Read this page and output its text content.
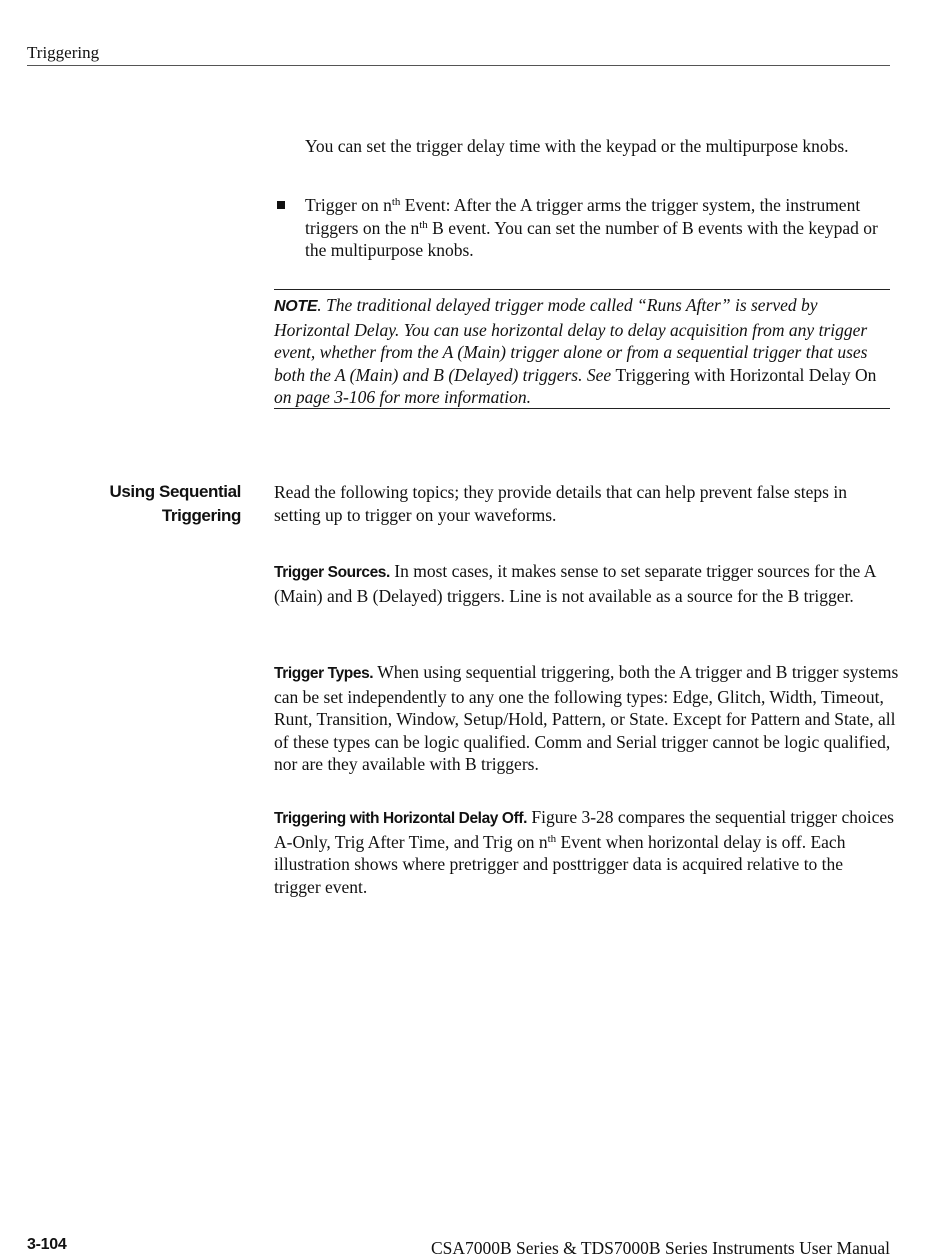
Triggering

You can set the trigger delay time with the keypad or the multipurpose knobs.

Trigger on $n^{th}$ Event: After the A trigger arms the trigger system, the instrument triggers on the $n^{th}$ B event. You can set the number of B events with the keypad or the multipurpose knobs.

NOTE. The traditional delayed trigger mode called “Runs After” is served by Horizontal Delay. You can use horizontal delay to delay acquisition from any trigger event, whether from the A (Main) trigger alone or from a sequential trigger that uses both the A (Main) and B (Delayed) triggers. See Triggering with Horizontal Delay On on page 3-106 for more information.

Using Sequential
Triggering

Read the following topics; they provide details that can help prevent false steps in setting up to trigger on your waveforms.

Trigger Sources. In most cases, it makes sense to set separate trigger sources for the A (Main) and B (Delayed) triggers. Line is not available as a source for the B trigger.

Trigger Types. When using sequential triggering, both the A trigger and B trigger systems can be set independently to any one the following types: Edge, Glitch, Width, Timeout, Runt, Transition, Window, Setup/Hold, Pattern, or State. Except for Pattern and State, all of these types can be logic qualified. Comm and Serial trigger cannot be logic qualified, nor are they available with B triggers.

Triggering with Horizontal Delay Off. Figure 3-28 compares the sequential trigger choices A-Only, Trig After Time, and Trig on $n^{th}$ Event when horizontal delay is off. Each illustration shows where pretrigger and posttrigger data is acquired relative to the trigger event.

3-104	CSA7000B Series & TDS7000B Series Instruments User Manual
